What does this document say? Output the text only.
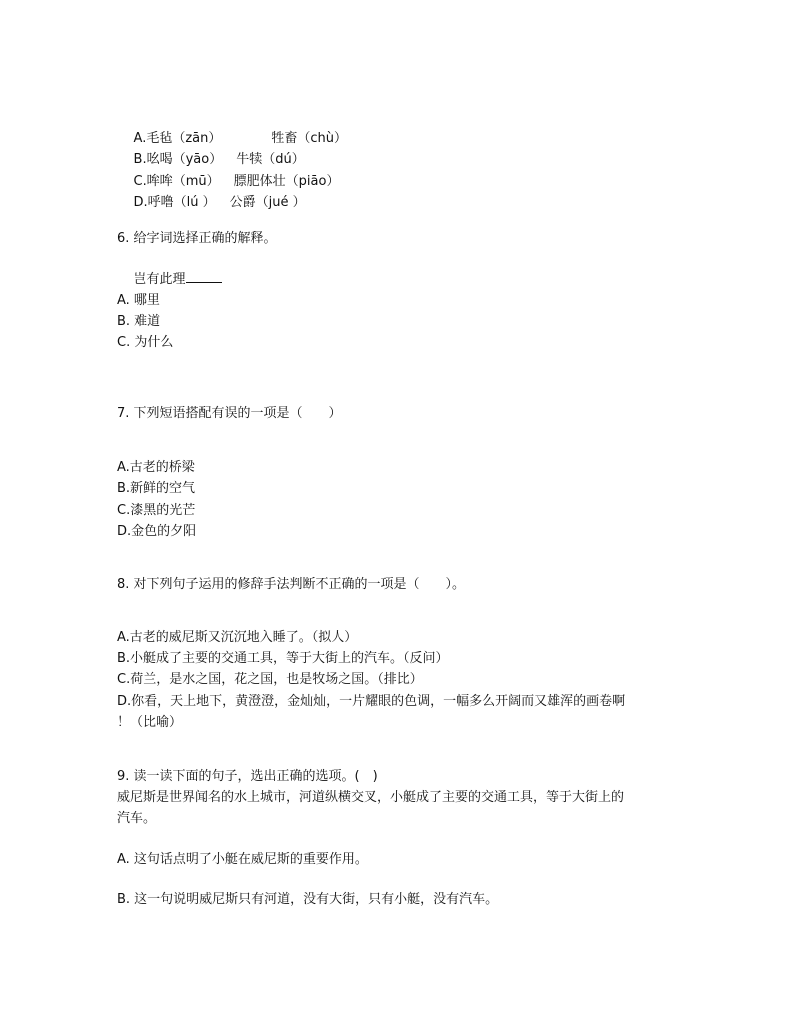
A.毛毡（zān）	牲畜（chù）

B.吆喝（yāo） 牛犊（dú）

C.哞哞（mū） 膘肥体壮（piāo）

D.呼噜（lú ） 公爵（jué ）

6. 给字词选择正确的解释。

岂有此理

A. 哪里
B. 难道
C. 为什么
7. 下列短语搭配有误的一项是（　　）
A.古老的桥梁
B.新鲜的空气
C.漆黑的光芒
D.金色的夕阳
8. 对下列句子运用的修辞手法判断不正确的一项是（　　）。
A.古老的威尼斯又沉沉地入睡了。（拟人）
B.小艇成了主要的交通工具，等于大街上的汽车。（反问）
C.荷兰，是水之国，花之国，也是牧场之国。（排比）
D.你看，天上地下，黄澄澄，金灿灿，一片耀眼的色调，一幅多么开阔而又雄浑的画卷啊
！（比喻）
9. 读一读下面的句子，选出正确的选项。(　)
威尼斯是世界闻名的水上城市，河道纵横交叉，小艇成了主要的交通工具，等于大街上的
汽车。
A. 这句话点明了小艇在威尼斯的重要作用。
B. 这一句说明威尼斯只有河道，没有大街，只有小艇，没有汽车。
